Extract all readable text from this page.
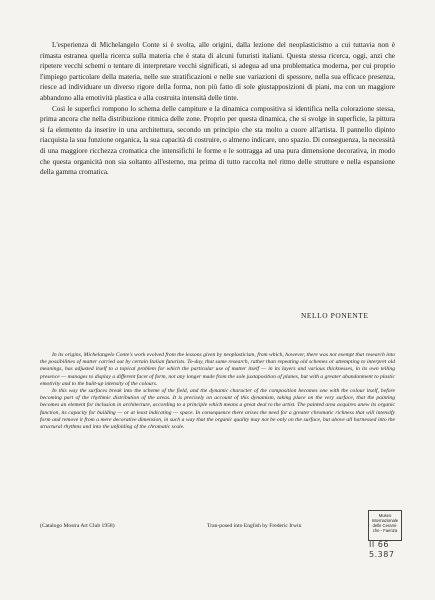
L'esperienza di Michelangelo Conte si è svolta, alle origini, dalla lezione del neoplasticismo a cui tuttavia non è rimasta estranea quella ricerca sulla materia che è stata di alcuni futuristi italiani. Questa stessa ricerca, oggi, anzi che ripetere vecchi schemi o tentare di interpretare vecchi significati, si adegua ad una problematica moderna, per cui proprio l'impiego particolare della materia, nelle sue stratificazioni e nelle sue variazioni di spessore, nella sua efficace presenza, riesce ad individuare un diverso rigore della forma, non più fatto di sole giustapposizioni di piani, ma con un maggiore abbandono alla emotività plastica e alla costruita intensità delle tinte.

Così le superfici rompono lo schema delle campiture e la dinamica compositiva si identifica nella colorazione stessa, prima ancora che nella distribuzione ritmica delle zone. Proprio per questa dinamica, che si svolge in superficie, la pittura si fa elemento da inserire in una architettura, secondo un principio che sta molto a cuore all'artista. Il pannello dipinto riacquista la sua funzione organica, la sua capacità di costruire, o almeno indicare, uno spazio. Di conseguenza, la necessità di una maggiore ricchezza cromatica che intensifichi le forme e le sottragga ad una pura dimensione decorativa, in modo che questa organicità non sia soltanto all'esterno, ma prima di tutto raccolta nel ritmo delle strutture e nella espansione della gamma cromatica.

NELLO PONENTE

In its origins, Michelangelo Conte's work evolved from the lessons given by neoplasticism, from which, however, there was not exempt that research into the possibilities of matter carried out by certain Italian futurists. To-day, that same research, rather than repeating old schemes or attempting to interpret old meanings, has adjusted itself to a topical problem for which the particular use of matter itself — in its layers and various thicknesses, in its own telling presence — manages to display a different facet of form, not any longer made from the sole juxtaposition of planes, but with a greater abandonment to plastic emotivity and to the built-up intensity of the colours.

In this way the surfaces break into the scheme of the field, and the dynamic character of the composition becomes one with the colour itself, before becoming part of the rhythmic distribution of the areas. It is precisely on account of this dynamism, taking place on the very surface, that the painting becomes an element for inclusion in architecture, according to a principle which means a great deal to the artist. The painted area acquires anew its organic function, its capacity for building — or at least indicating — space. In consequence there arises the need for a greater chromatic richness that will intensify form and remove it from a mere decorative dimension, in such a way that the organic quality may not be only on the surface, but above all harnessed into the structural rhythms and into the unfolding of the chromatic scale.

(Catalogo Mostra Art Club 1958)	Tran-posed into English by Frederic Irwin
Museo
Internazionale
delle Cerami-
che - Faenza
II 66
5.387
